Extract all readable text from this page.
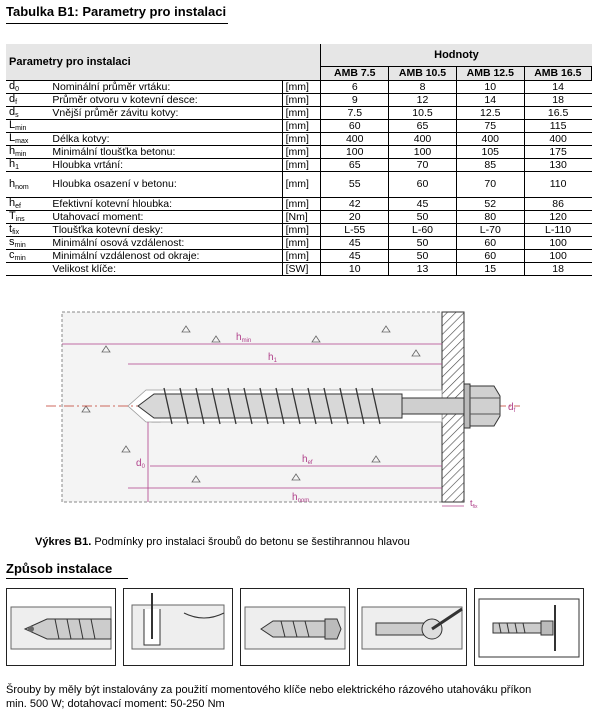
Tabulka B1: Parametry pro instalaci
Parametry pro instalaci			Hodnoty			
			AMB 7.5	AMB 10.5	AMB 12.5	AMB 16.5
$d_0$	Nominální průměr vrtáku:	[mm]	6	8	10	14
$d_f$	Průměr otvoru v kotevní desce:	[mm]	9	12	14	18
$d_s$	Vnější průměr závitu kotvy:	[mm]	7.5	10.5	12.5	16.5
$L_{min}$		[mm]	60	65	75	115
$L_{max}$	Délka kotvy:	[mm]	400	400	400	400
$h_{min}$	Minimální tloušťka betonu:	[mm]	100	100	105	175
$h_1$	Hloubka vrtání:	[mm]	65	70	85	130
$h_{nom}$	Hloubka osazení v betonu:	[mm]	55	60	70	110
$h_{ef}$	Efektivní kotevní hloubka:	[mm]	42	45	52	86
$T_{ins}$	Utahovací moment:	[Nm]	20	50	80	120
$t_{fix}$	Tloušťka kotevní desky:	[mm]	L-55	L-60	L-70	L-110
$s_{min}$	Minimální osová vzdálenost:	[mm]	45	50	60	100
$c_{min}$	Minimální vzdálenost od okraje:	[mm]	45	50	60	100
	Velikost klíče:	[SW]	10	13	15	18
$h_{min}$
$h_1$
$d_0$
$d_f$
$h_{ef}$
$h_{nom}$	$t_{fix}$
Výkres B1. Podmínky pro instalaci šroubů do betonu se šestihrannou hlavou
Způsob instalace
Šrouby by měly být instalovány za použití momentového klíče nebo elektrického rázového utahováku příkon min. 500 W; dotahovací moment: 50-250 Nm
